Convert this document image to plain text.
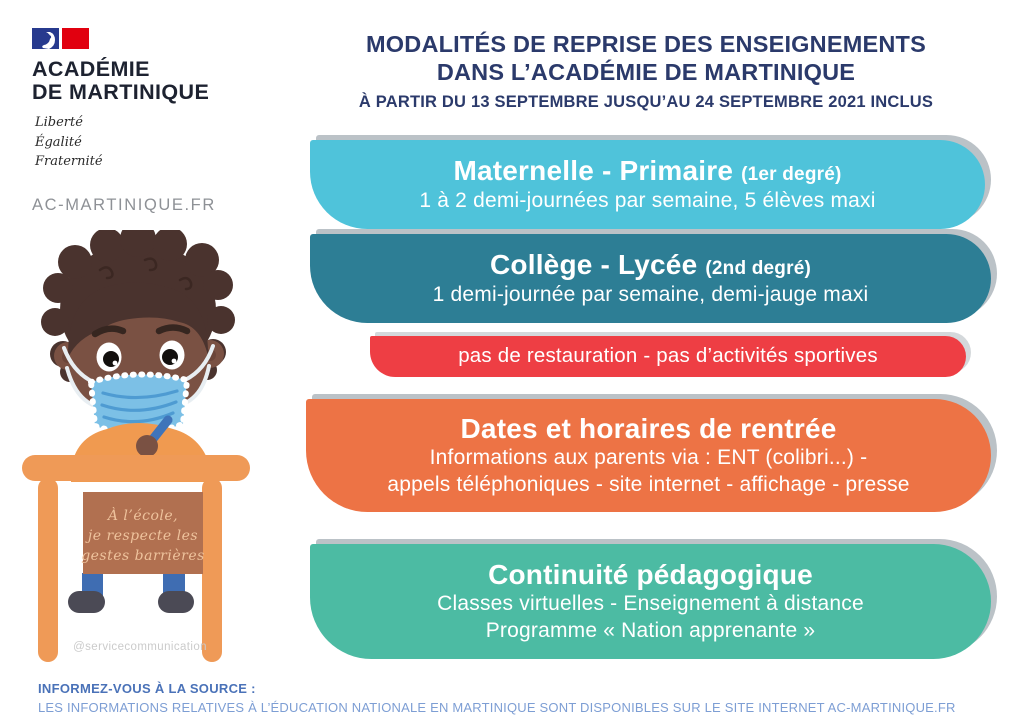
ACADÉMIE
DE MARTINIQUE
Liberté
Égalité
Fraternité
AC-MARTINIQUE.FR
MODALITÉS DE REPRISE DES ENSEIGNEMENTS
DANS L’ACADÉMIE DE MARTINIQUE
À PARTIR DU 13 SEPTEMBRE JUSQU’AU 24 SEPTEMBRE 2021 INCLUS
Maternelle - Primaire (1er degré)
1 à 2 demi-journées par semaine, 5 élèves maxi
Collège - Lycée (2nd degré)
1 demi-journée par semaine, demi-jauge maxi
pas de restauration - pas d’activités sportives
Dates et horaires de rentrée
Informations aux parents via : ENT (colibri...) -
appels téléphoniques - site internet - affichage - presse
Continuité pédagogique
Classes virtuelles - Enseignement à distance
Programme « Nation apprenante »
À l’école,
je respecte les
gestes barrières
@servicecommunication
INFORMEZ-VOUS À LA SOURCE :
LES INFORMATIONS RELATIVES À L’ÉDUCATION NATIONALE EN MARTINIQUE SONT DISPONIBLES SUR LE SITE INTERNET AC-MARTINIQUE.FR
